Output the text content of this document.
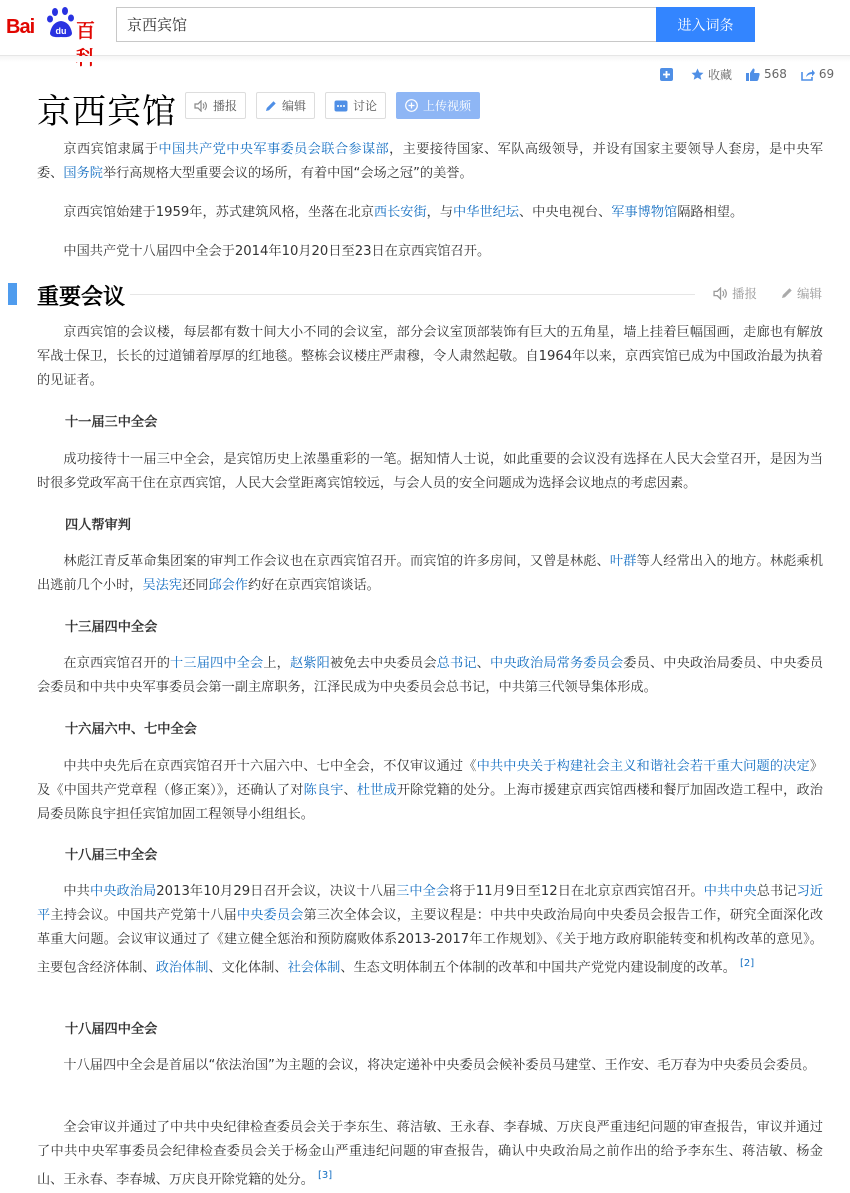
Bai du 百
京西宾馆	进入词条
收藏	568	69
京西宾馆	播报	编辑	讨论	上传视频
京西宾馆隶属于中国共产党中央军事委员会联合参谋部，主要接待国家、军队高级领导，并设有国家主要领导人套房，是中央军委、国务院举行高规格大型重要会议的场所，有着中国“会场之冠”的美誉。
京西宾馆始建于1959年，苏式建筑风格，坐落在北京西长安街，与中华世纪坛、中央电视台、军事博物馆隔路相望。
中国共产党十八届四中全会于2014年10月20日至23日在京西宾馆召开。
重要会议	播报	编辑
京西宾馆的会议楼，每层都有数十间大小不同的会议室，部分会议室顶部装饰有巨大的五角星，墙上挂着巨幅国画，走廊也有解放军战士保卫，长长的过道铺着厚厚的红地毯。整栋会议楼庄严肃穆，令人肃然起敬。自1964年以来，京西宾馆已成为中国政治最为执着的见证者。
十一届三中全会
成功接待十一届三中全会，是宾馆历史上浓墨重彩的一笔。据知情人士说，如此重要的会议没有选择在人民大会堂召开，是因为当时很多党政军高干住在京西宾馆，人民大会堂距离宾馆较远，与会人员的安全问题成为选择会议地点的考虑因素。
四人帮审判
林彪江青反革命集团案的审判工作会议也在京西宾馆召开。而宾馆的许多房间，又曾是林彪、叶群等人经常出入的地方。林彪乘机出逃前几个小时，吴法宪还同邱会作约好在京西宾馆谈话。
十三届四中全会
在京西宾馆召开的十三届四中全会上，赵紫阳被免去中央委员会总书记、中央政治局常务委员会委员、中央政治局委员、中央委员会委员和中共中央军事委员会第一副主席职务，江泽民成为中央委员会总书记，中共第三代领导集体形成。
十六届六中、七中全会
中共中央先后在京西宾馆召开十六届六中、七中全会，不仅审议通过《中共中央关于构建社会主义和谐社会若干重大问题的决定》及《中国共产党章程（修正案）》，还确认了对陈良宇、杜世成开除党籍的处分。上海市援建京西宾馆西楼和餐厅加固改造工程中，政治局委员陈良宇担任宾馆加固工程领导小组组长。
十八届三中全会
中共中央政治局2013年10月29日召开会议，决议十八届三中全会将于11月9日至12日在北京京西宾馆召开。中共中央总书记习近平主持会议。中国共产党第十八届中央委员会第三次全体会议，主要议程是：中共中央政治局向中央委员会报告工作，研究全面深化改革重大问题。会议审议通过了《建立健全惩治和预防腐败体系2013-2017年工作规划》、《关于地方政府职能转变和机构改革的意见》。主要包含经济体制、政治体制、文化体制、社会体制、生态文明体制五个体制的改革和中国共产党党内建设制度的改革。 [2]
十八届四中全会
十八届四中全会是首届以“依法治国”为主题的会议，将决定递补中央委员会候补委员马建堂、王作安、毛万春为中央委员会委员。
全会审议并通过了中共中央纪律检查委员会关于李东生、蒋洁敏、王永春、李春城、万庆良严重违纪问题的审查报告，审议并通过了中共中央军事委员会纪律检查委员会关于杨金山严重违纪问题的审查报告，确认中央政治局之前作出的给予李东生、蒋洁敏、杨金山、王永春、李春城、万庆良开除党籍的处分。 [3]
